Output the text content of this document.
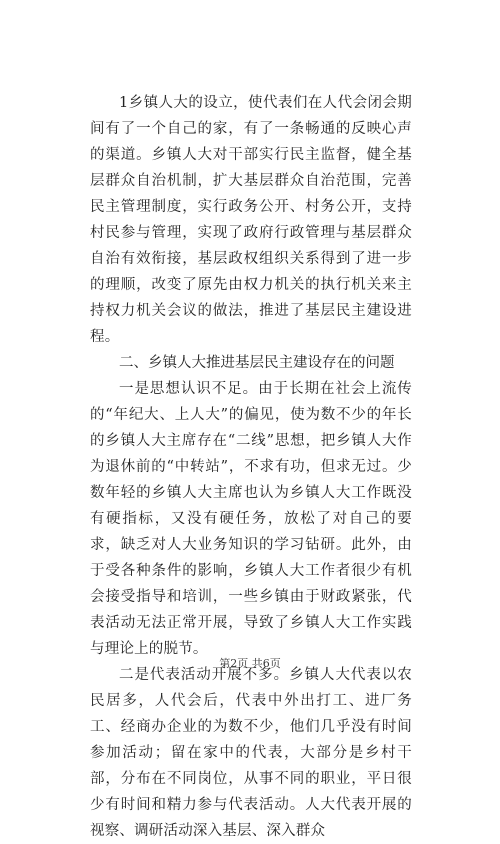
1乡镇人大的设立，使代表们在人代会闭会期间有了一个自己的家，有了一条畅通的反映心声的渠道。乡镇人大对干部实行民主监督，健全基层群众自治机制，扩大基层群众自治范围，完善民主管理制度，实行政务公开、村务公开，支持村民参与管理，实现了政府行政管理与基层群众自治有效衔接，基层政权组织关系得到了进一步的理顺，改变了原先由权力机关的执行机关来主持权力机关会议的做法，推进了基层民主建设进程。

二、乡镇人大推进基层民主建设存在的问题

一是思想认识不足。由于长期在社会上流传的“年纪大、上人大”的偏见，使为数不少的年长的乡镇人大主席存在“二线”思想，把乡镇人大作为退休前的“中转站”，不求有功，但求无过。少数年轻的乡镇人大主席也认为乡镇人大工作既没有硬指标，又没有硬任务，放松了对自己的要求，缺乏对人大业务知识的学习钻研。此外，由于受各种条件的影响，乡镇人大工作者很少有机会接受指导和培训，一些乡镇由于财政紧张，代表活动无法正常开展，导致了乡镇人大工作实践与理论上的脱节。

二是代表活动开展不多。乡镇人大代表以农民居多，人代会后，代表中外出打工、进厂务工、经商办企业的为数不少，他们几乎没有时间参加活动；留在家中的代表，大部分是乡村干部，分布在不同岗位，从事不同的职业，平日很少有时间和精力参与代表活动。人大代表开展的视察、调研活动深入基层、深入群众

第2页 共6页
